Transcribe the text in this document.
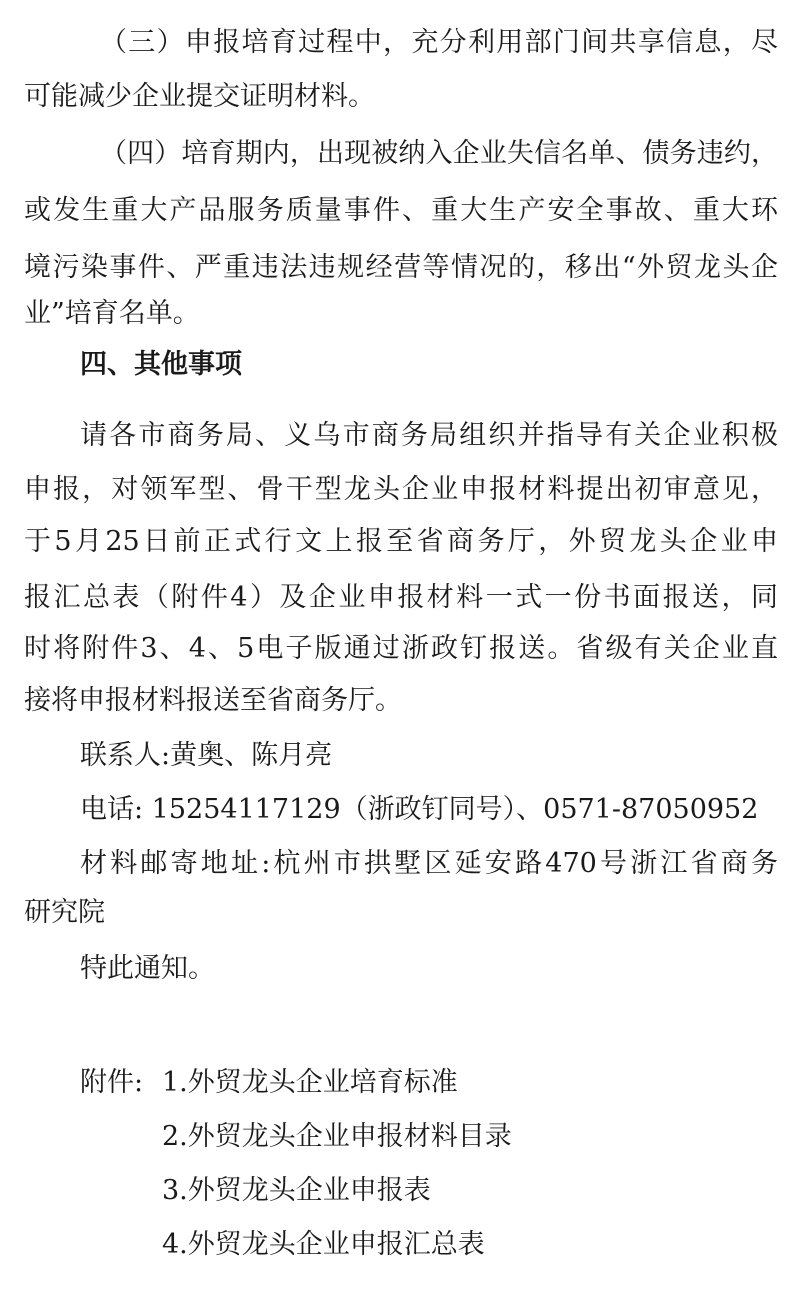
（三）申报培育过程中，充分利用部门间共享信息，尽
可能减少企业提交证明材料。
（四）培育期内，出现被纳入企业失信名单、债务违约，
或发生重大产品服务质量事件、重大生产安全事故、重大环
境污染事件、严重违法违规经营等情况的，移出“外贸龙头企
业”培育名单。
四、其他事项
请各市商务局、义乌市商务局组织并指导有关企业积极
申报，对领军型、骨干型龙头企业申报材料提出初审意见，
于5月25日前正式行文上报至省商务厅，外贸龙头企业申
报汇总表（附件4）及企业申报材料一式一份书面报送，同
时将附件3、4、5电子版通过浙政钉报送。省级有关企业直
接将申报材料报送至省商务厅。
联系人:黄奥、陈月亮
电话: 15254117129（浙政钉同号）、0571-87050952
材料邮寄地址:杭州市拱墅区延安路470号浙江省商务
研究院
特此通知。
附件: 1.外贸龙头企业培育标准
2.外贸龙头企业申报材料目录
3.外贸龙头企业申报表
4.外贸龙头企业申报汇总表
